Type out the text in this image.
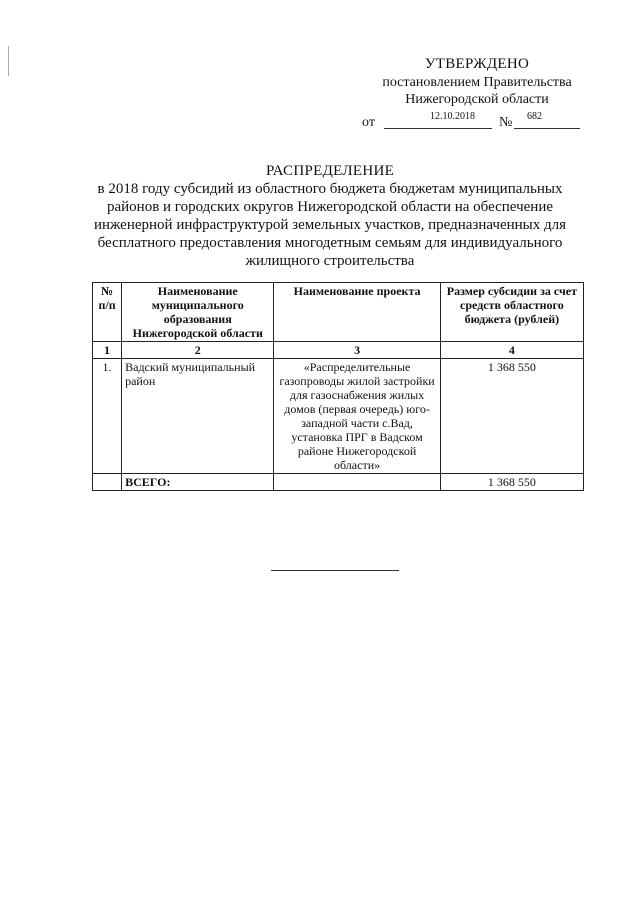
УТВЕРЖДЕНО
постановлением Правительства
Нижегородской области
от	12.10.2018 № 682
РАСПРЕДЕЛЕНИЕ
в 2018 году субсидий из областного бюджета бюджетам муниципальных
районов и городских округов Нижегородской области на обеспечение
инженерной инфраструктурой земельных участков, предназначенных для
бесплатного предоставления многодетным семьям для индивидуального
жилищного строительства
№ п/п	Наименование муниципального образования Нижегородской области	Наименование проекта	Размер субсидии за счет средств областного бюджета (рублей)
1	2	3	4
1.	Вадский муниципальный район	«Распределительные газопроводы жилой застройки для газоснабжения жилых домов (первая очередь) юго-западной части с.Вад, установка ПРГ в Вадском районе Нижегородской области»	1 368 550
	ВСЕГО:		1 368 550
